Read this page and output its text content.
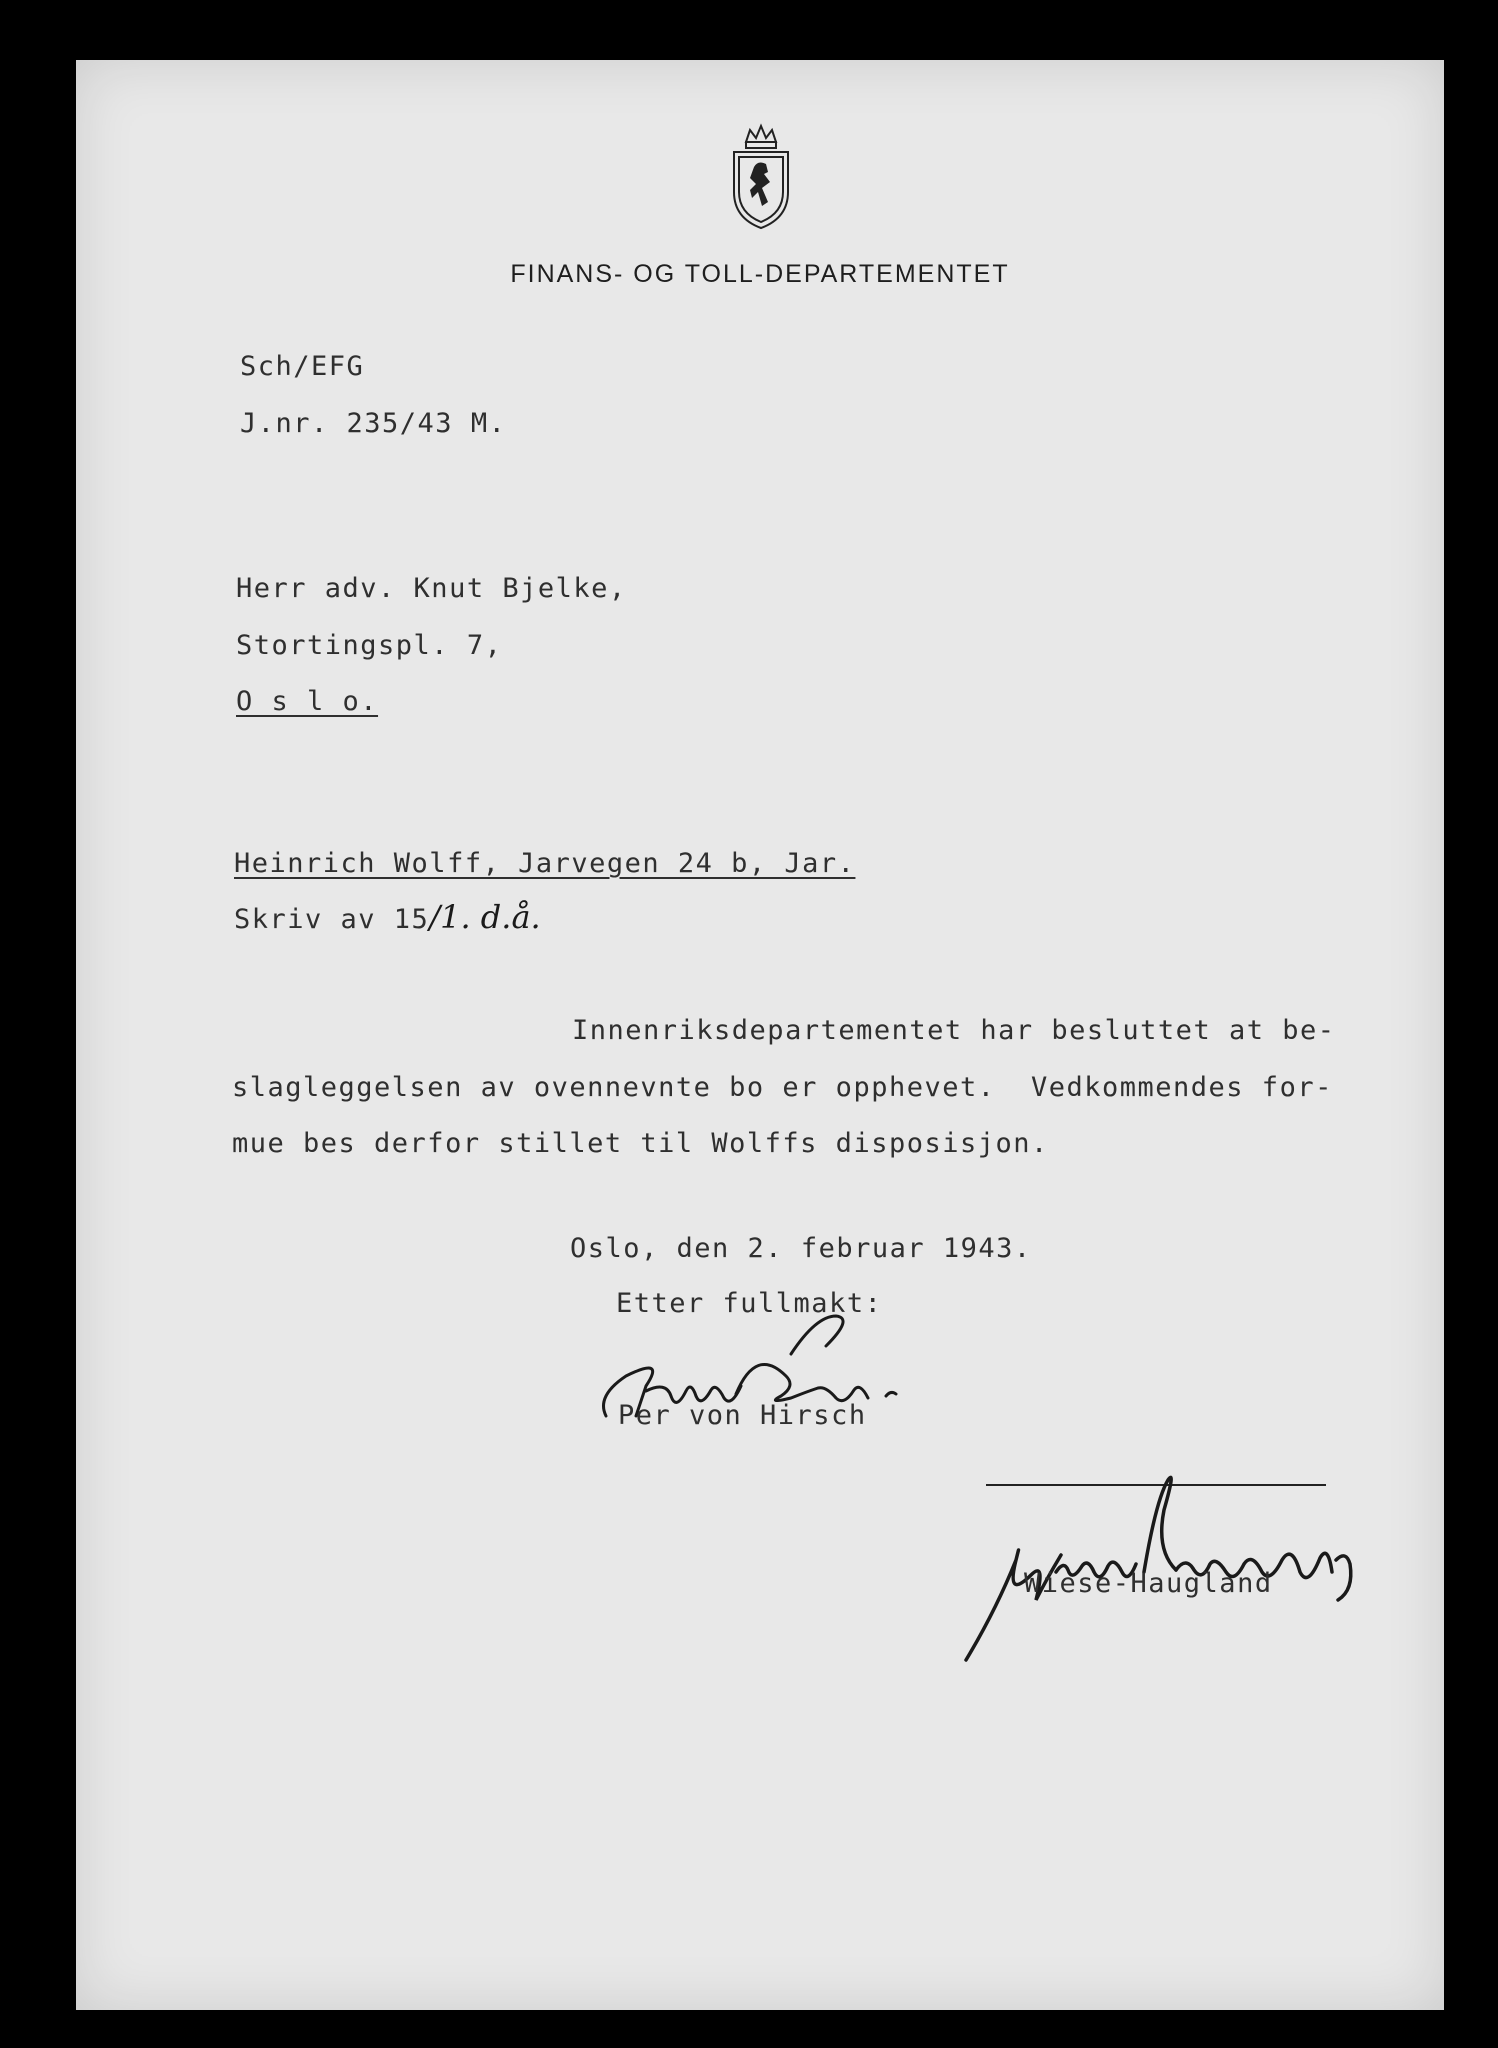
FINANS- OG TOLL-DEPARTEMENTET
Sch/EFG
J.nr. 235/43 M.
Herr adv. Knut Bjelke,
Stortingspl. 7,
O s l o.
Heinrich Wolff, Jarvegen 24 b, Jar.
Skriv av 15/1. d.å.
Innenriksdepartementet har besluttet at be-
slagleggelsen av ovennevnte bo er opphevet.  Vedkommendes for-
mue bes derfor stillet til Wolffs disposisjon.
Oslo, den 2. februar 1943.
Etter fullmakt:
Per von Hirsch
Wiese-Haugland
